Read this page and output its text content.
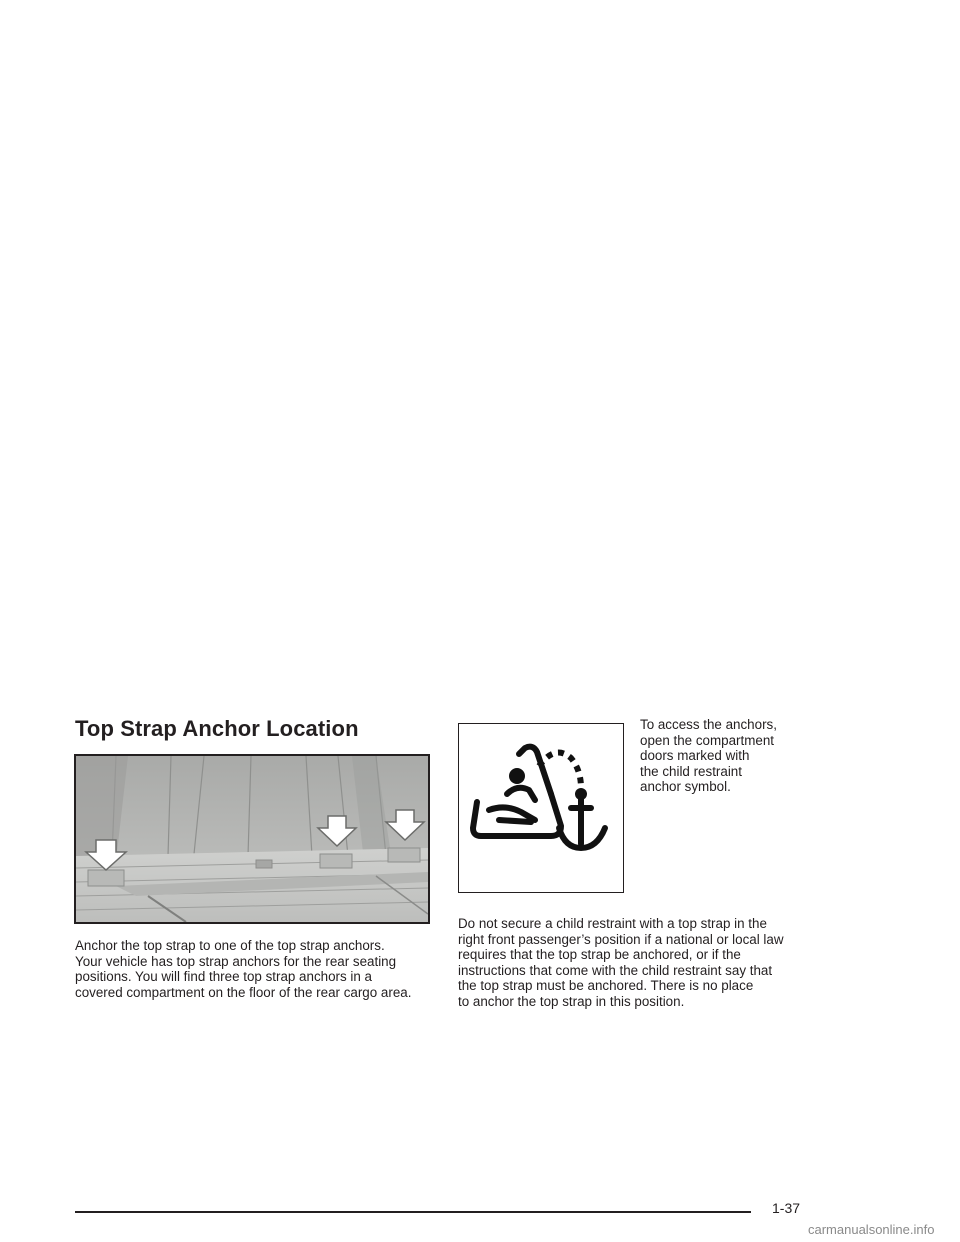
Top Strap Anchor Location

Anchor the top strap to one of the top strap anchors.
Your vehicle has top strap anchors for the rear seating
positions. You will find three top strap anchors in a
covered compartment on the floor of the rear cargo area.

To access the anchors,
open the compartment
doors marked with
the child restraint
anchor symbol.

Do not secure a child restraint with a top strap in the
right front passenger’s position if a national or local law
requires that the top strap be anchored, or if the
instructions that come with the child restraint say that
the top strap must be anchored. There is no place
to anchor the top strap in this position.

1-37
carmanualsonline.info
